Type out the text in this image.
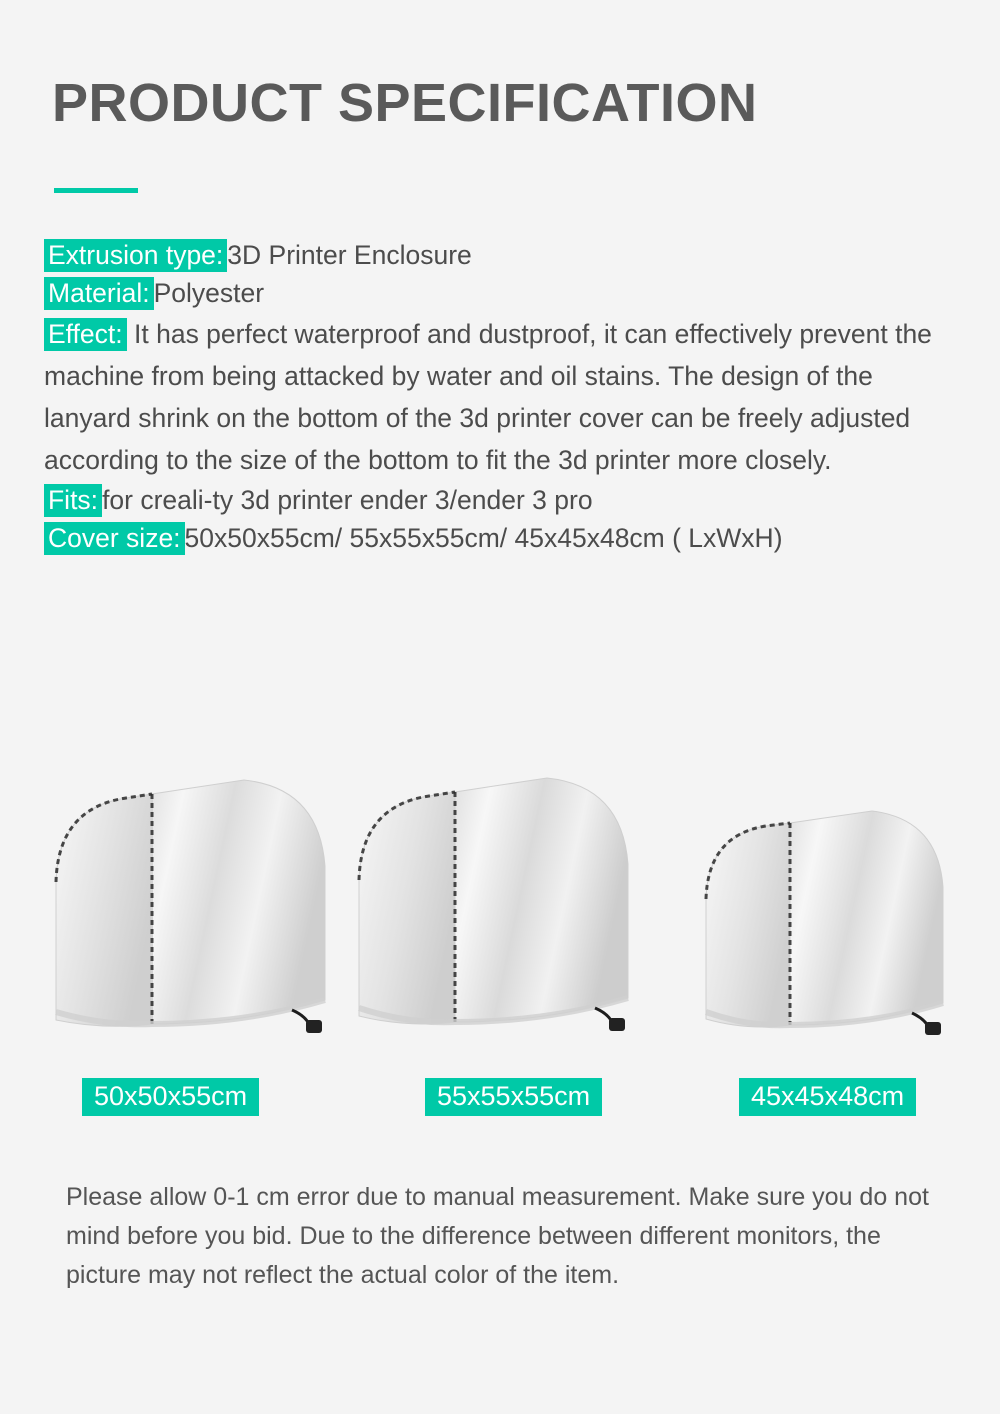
PRODUCT SPECIFICATION
Extrusion type: 3D Printer Enclosure
Material: Polyester
Effect: It has perfect waterproof and dustproof, it can effectively prevent the machine from being attacked by water and oil stains. The design of the lanyard shrink on the bottom of the 3d printer cover can be freely adjusted according to the size of the bottom to fit the 3d printer more closely.
Fits: for creali-ty 3d printer ender 3/ender 3 pro
Cover size: 50x50x55cm/ 55x55x55cm/ 45x45x48cm ( LxWxH)
50x50x55cm	55x55x55cm	45x45x48cm
Please allow 0-1 cm error due to manual measurement. Make sure you do not mind before you bid. Due to the difference between different monitors, the picture may not reflect the actual color of the item.
